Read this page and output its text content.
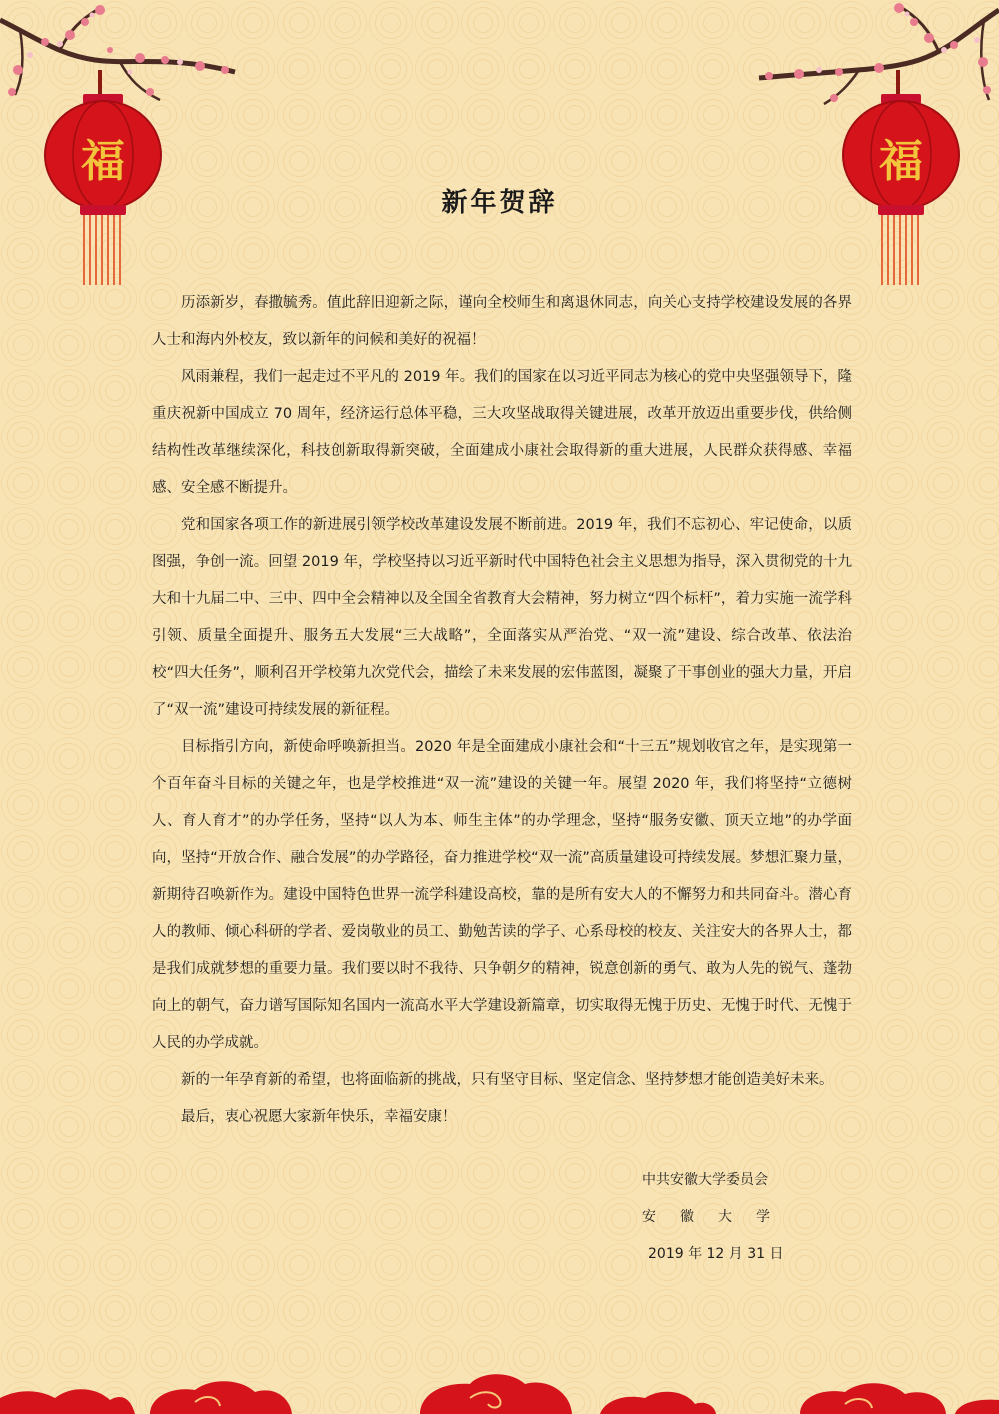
福	福
新年贺辞

历添新岁，春撒毓秀。值此辞旧迎新之际，谨向全校师生和离退休同志，向关心支持学校建设发展的各界人士和海内外校友，致以新年的问候和美好的祝福！

风雨兼程，我们一起走过不平凡的 2019 年。我们的国家在以习近平同志为核心的党中央坚强领导下，隆重庆祝新中国成立 70 周年，经济运行总体平稳，三大攻坚战取得关键进展，改革开放迈出重要步伐，供给侧结构性改革继续深化，科技创新取得新突破，全面建成小康社会取得新的重大进展，人民群众获得感、幸福感、安全感不断提升。

党和国家各项工作的新进展引领学校改革建设发展不断前进。2019 年，我们不忘初心、牢记使命，以质图强，争创一流。回望 2019 年，学校坚持以习近平新时代中国特色社会主义思想为指导，深入贯彻党的十九大和十九届二中、三中、四中全会精神以及全国全省教育大会精神，努力树立“四个标杆”，着力实施一流学科引领、质量全面提升、服务五大发展“三大战略”，全面落实从严治党、“双一流”建设、综合改革、依法治校“四大任务”，顺利召开学校第九次党代会，描绘了未来发展的宏伟蓝图，凝聚了干事创业的强大力量，开启了“双一流”建设可持续发展的新征程。

目标指引方向，新使命呼唤新担当。2020 年是全面建成小康社会和“十三五”规划收官之年，是实现第一个百年奋斗目标的关键之年，也是学校推进“双一流”建设的关键一年。展望 2020 年，我们将坚持“立德树人、育人育才”的办学任务，坚持“以人为本、师生主体”的办学理念，坚持“服务安徽、顶天立地”的办学面向，坚持“开放合作、融合发展”的办学路径，奋力推进学校“双一流”高质量建设可持续发展。梦想汇聚力量，新期待召唤新作为。建设中国特色世界一流学科建设高校，靠的是所有安大人的不懈努力和共同奋斗。潜心育人的教师、倾心科研的学者、爱岗敬业的员工、勤勉苦读的学子、心系母校的校友、关注安大的各界人士，都是我们成就梦想的重要力量。我们要以时不我待、只争朝夕的精神，锐意创新的勇气、敢为人先的锐气、蓬勃向上的朝气，奋力谱写国际知名国内一流高水平大学建设新篇章，切实取得无愧于历史、无愧于时代、无愧于人民的办学成就。

新的一年孕育新的希望，也将面临新的挑战，只有坚守目标、坚定信念、坚持梦想才能创造美好未来。

最后，衷心祝愿大家新年快乐，幸福安康！

中共安徽大学委员会
安徽大学
2019 年 12 月 31 日
